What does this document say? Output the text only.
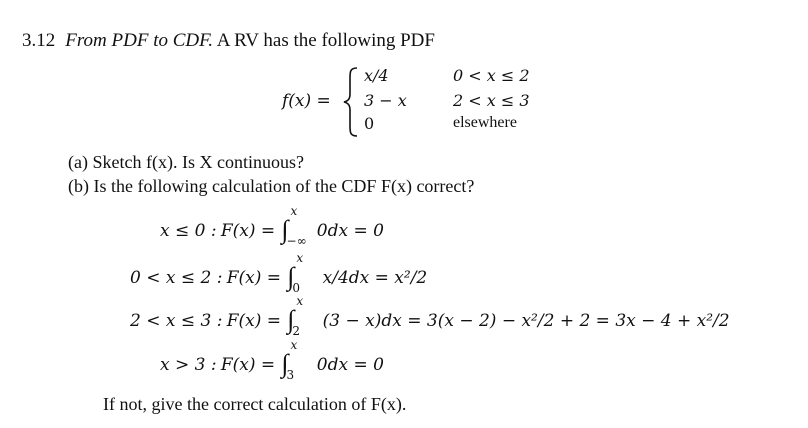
3.12 From PDF to CDF. A RV has the following PDF
f(x) =
x/4	0 < x ≤ 2
3 − x	2 < x ≤ 3
0	elsewhere
(a) Sketch f(x). Is X continuous?
(b) Is the following calculation of the CDF F(x) correct?
x ≤ 0 : F(x) = ∫
x
−∞ 0dx = 0
0 < x ≤ 2 : F(x) = ∫
x
0 x/4dx = x²/2
2 < x ≤ 3 : F(x) = ∫
x
2 (3 − x)dx = 3(x − 2) − x²/2 + 2 = 3x − 4 + x²/2
x > 3 : F(x) = ∫
x
3 0dx = 0
If not, give the correct calculation of F(x).
